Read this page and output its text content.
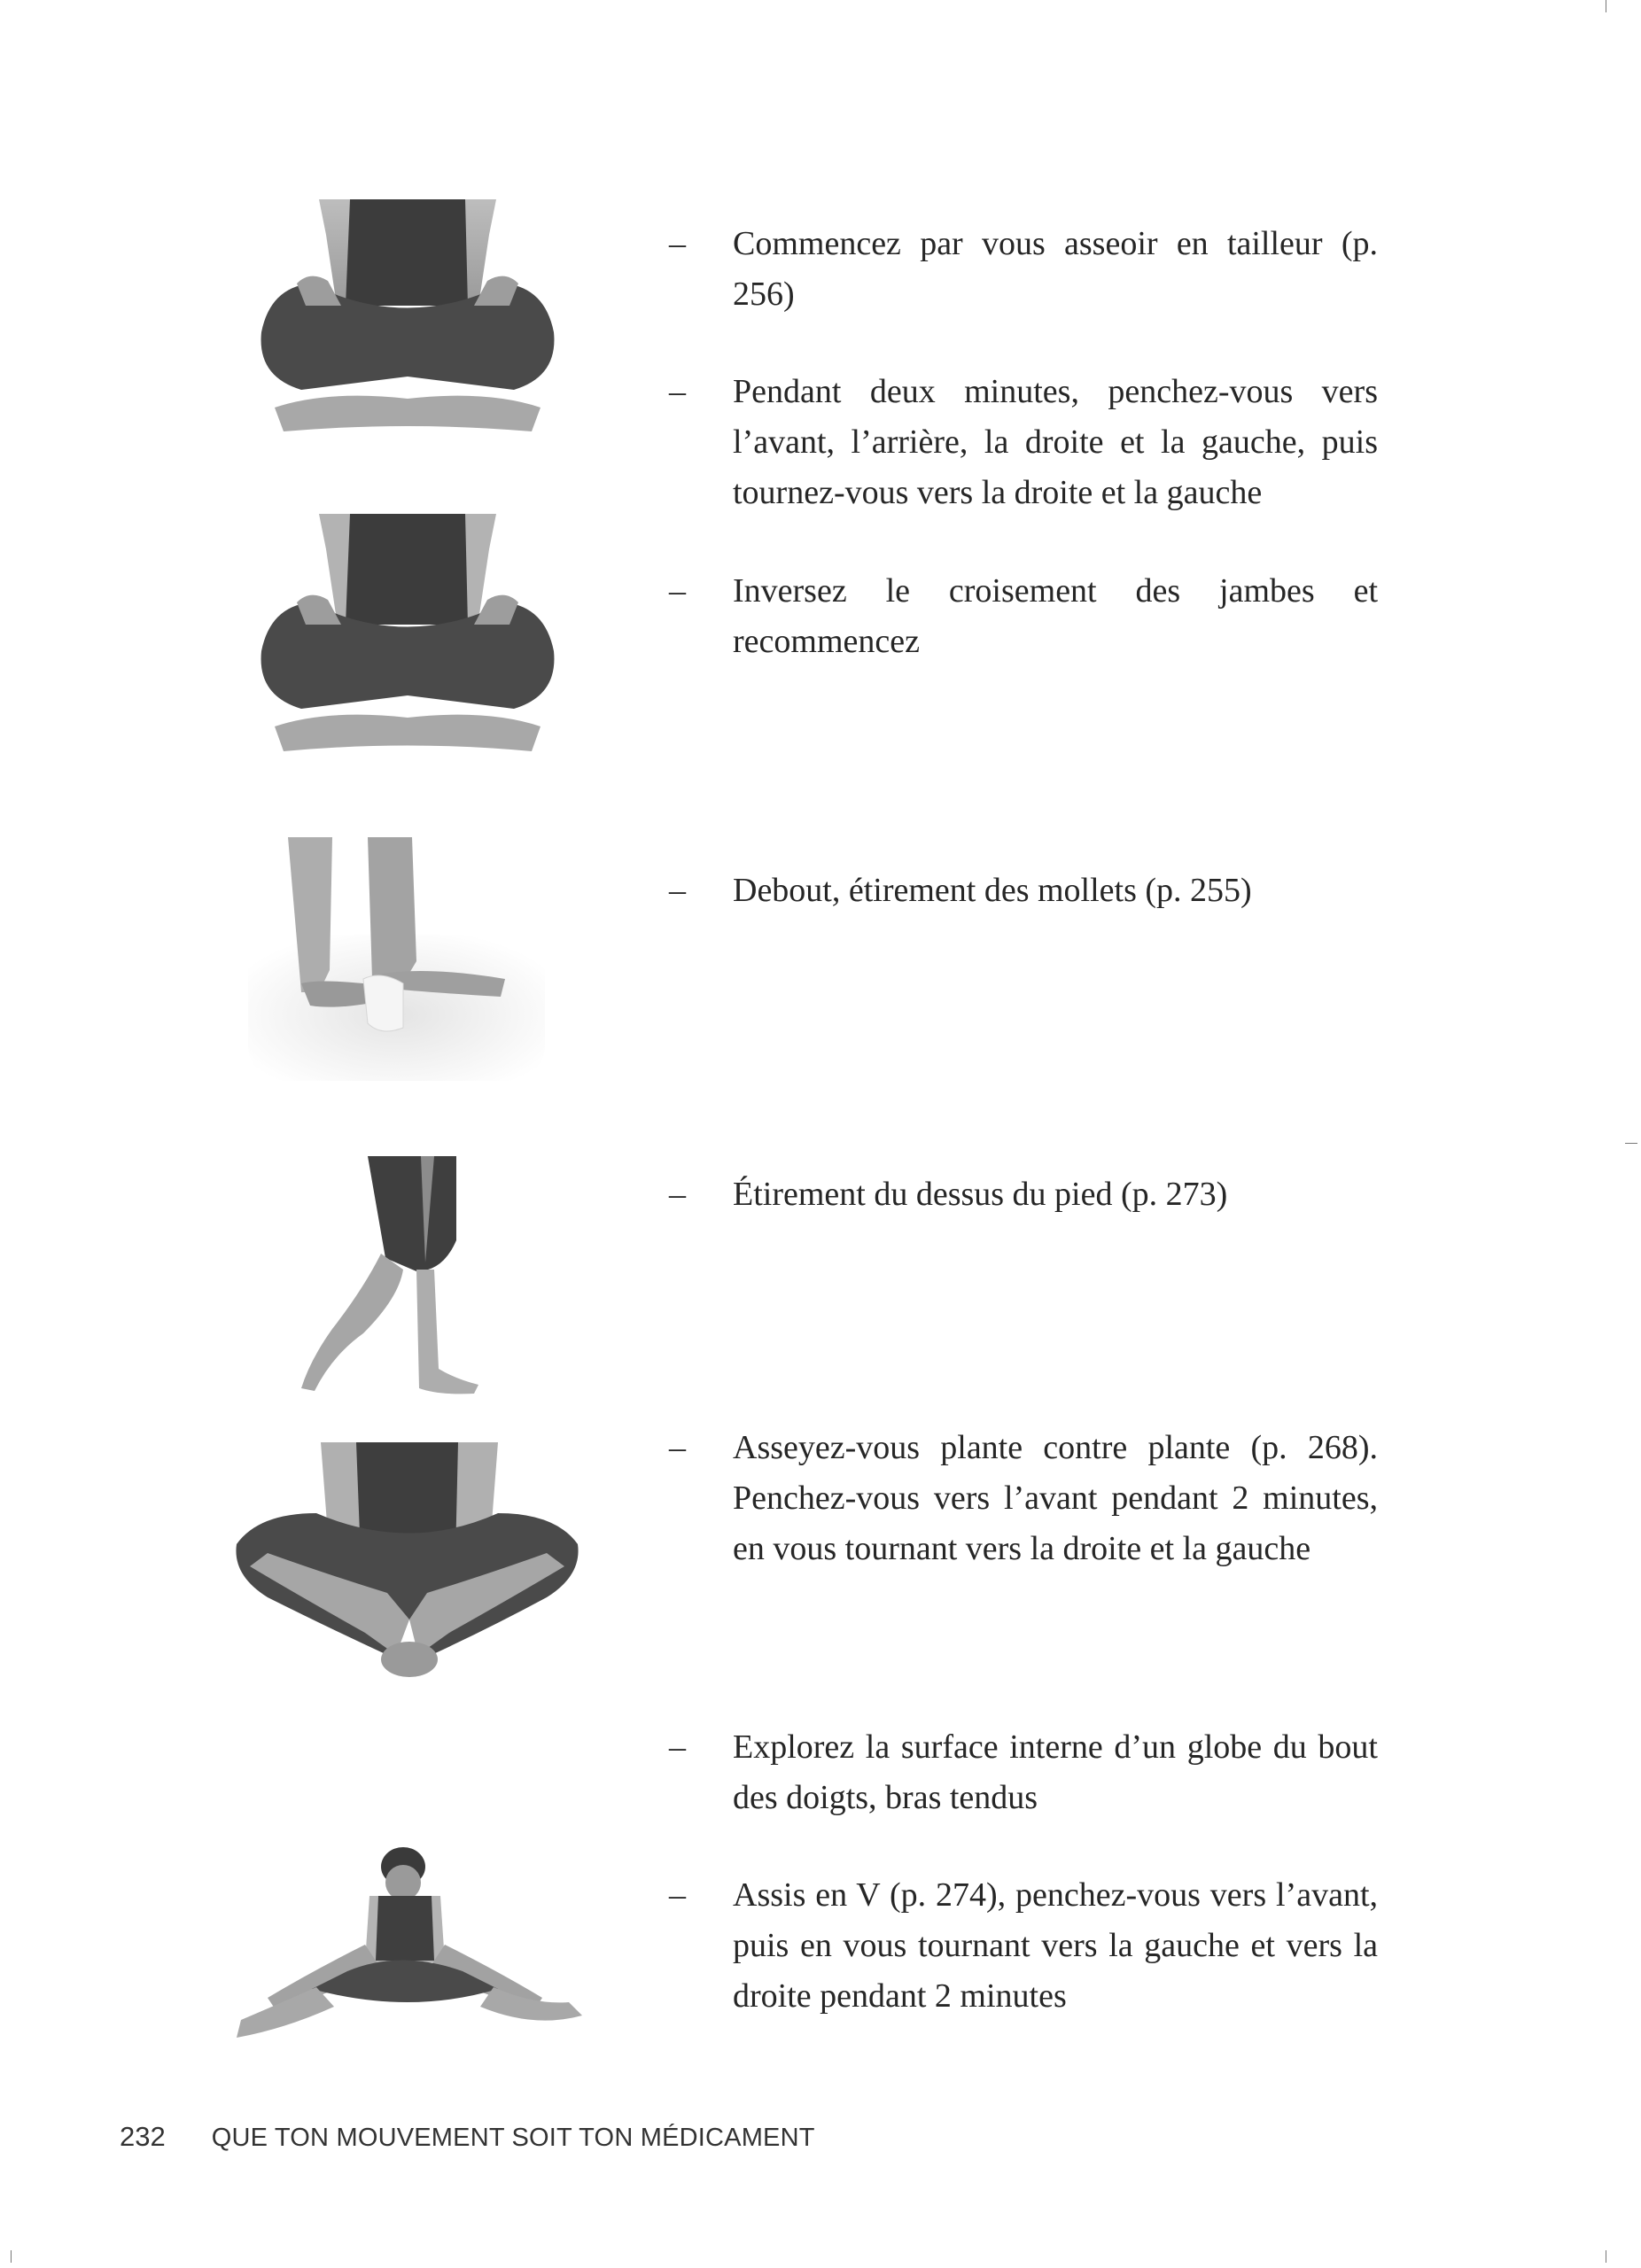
– Commencez par vous asseoir en tailleur (p. 256)
– Pendant deux minutes, penchez-vous vers l’avant, l’arrière, la droite et la gauche, puis tournez-vous vers la droite et la gauche
– Inversez le croisement des jambes et recommencez
– Debout, étirement des mollets (p. 255)
– Étirement du dessus du pied (p. 273)
– Asseyez-vous plante contre plante (p. 268). Penchez-vous vers l’avant pendant 2 minutes, en vous tournant vers la droite et la gauche
– Explorez la surface interne d’un globe du bout des doigts, bras tendus
– Assis en V (p. 274), penchez-vous vers l’avant, puis en vous tournant vers la gauche et vers la droite pendant 2 minutes
232 QUE TON MOUVEMENT SOIT TON MÉDICAMENT
